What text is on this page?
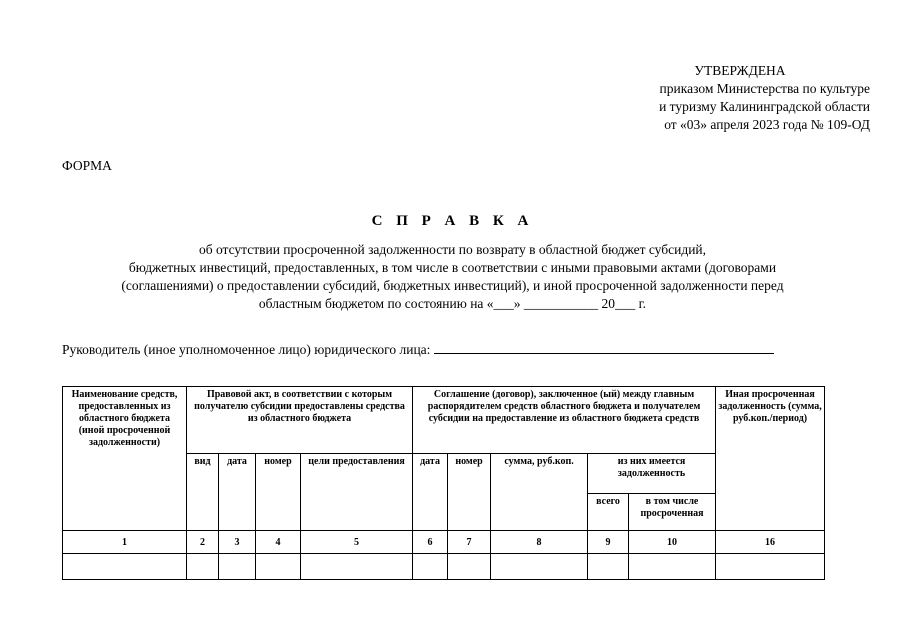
УТВЕРЖДЕНА
приказом Министерства по культуре
и туризму Калининградской области
от «03» апреля 2023 года № 109-ОД
ФОРМА
С П Р А В К А
об отсутствии просроченной задолженности по возврату в областной бюджет субсидий,
бюджетных инвестиций, предоставленных, в том числе в соответствии с иными правовыми актами (договорами
(соглашениями) о предоставлении субсидий, бюджетных инвестиций), и иной просроченной задолженности перед
областным бюджетом по состоянию на «___» ___________ 20___ г.
Руководитель (иное уполномоченное лицо) юридического лица:
Наименование средств, предоставленных из областного бюджета (иной просроченной задолженности)	Правовой акт, в соответствии с которым получателю субсидии предоставлены средства из областного бюджета				Соглашение (договор), заключенное (ый) между главным распорядителем средств областного бюджета и получателем субсидии на предоставление из областного бюджета средств					Иная просроченная задолженность (сумма, руб.коп./период)
	вид	дата	номер	цели предоставления	дата	номер	сумма, руб.коп.	из них имеется задолженность		
								всего	в том числе просроченная	
1	2	3	4	5	6	7	8	9	10	16
